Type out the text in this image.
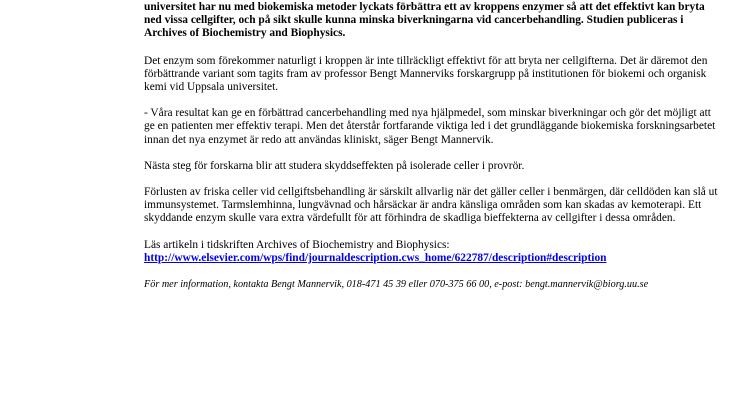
universitet har nu med biokemiska metoder lyckats förbättra ett av kroppens enzymer så att det effektivt kan bryta ned vissa cellgifter, och på sikt skulle kunna minska biverkningarna vid cancerbehandling. Studien publiceras i Archives of Biochemistry and Biophysics.

Det enzym som förekommer naturligt i kroppen är inte tillräckligt effektivt för att bryta ner cellgifterna. Det är däremot den förbättrande variant som tagits fram av professor Bengt Mannerviks forskargrupp på institutionen för biokemi och organisk kemi vid Uppsala universitet.

- Våra resultat kan ge en förbättrad cancerbehandling med nya hjälpmedel, som minskar biverkningar och gör det möjligt att ge en patienten mer effektiv terapi. Men det återstår fortfarande viktiga led i det grundläggande biokemiska forskningsarbetet innan det nya enzymet är redo att användas kliniskt, säger Bengt Mannervik.

Nästa steg för forskarna blir att studera skyddseffekten på isolerade celler i provrör.

Förlusten av friska celler vid cellgiftsbehandling är särskilt allvarlig när det gäller celler i benmärgen, där celldöden kan slå ut immunsystemet. Tarmslemhinna, lungvävnad och hårsäckar är andra känsliga områden som kan skadas av kemoterapi. Ett skyddande enzym skulle vara extra värdefullt för att förhindra de skadliga bieffekterna av cellgifter i dessa områden.

Läs artikeln i tidskriften Archives of Biochemistry and Biophysics:

http://www.elsevier.com/wps/find/journaldescription.cws_home/622787/description#description

För mer information, kontakta Bengt Mannervik, 018-471 45 39 eller 070-375 66 00, e-post: bengt.mannervik@biorg.uu.se
